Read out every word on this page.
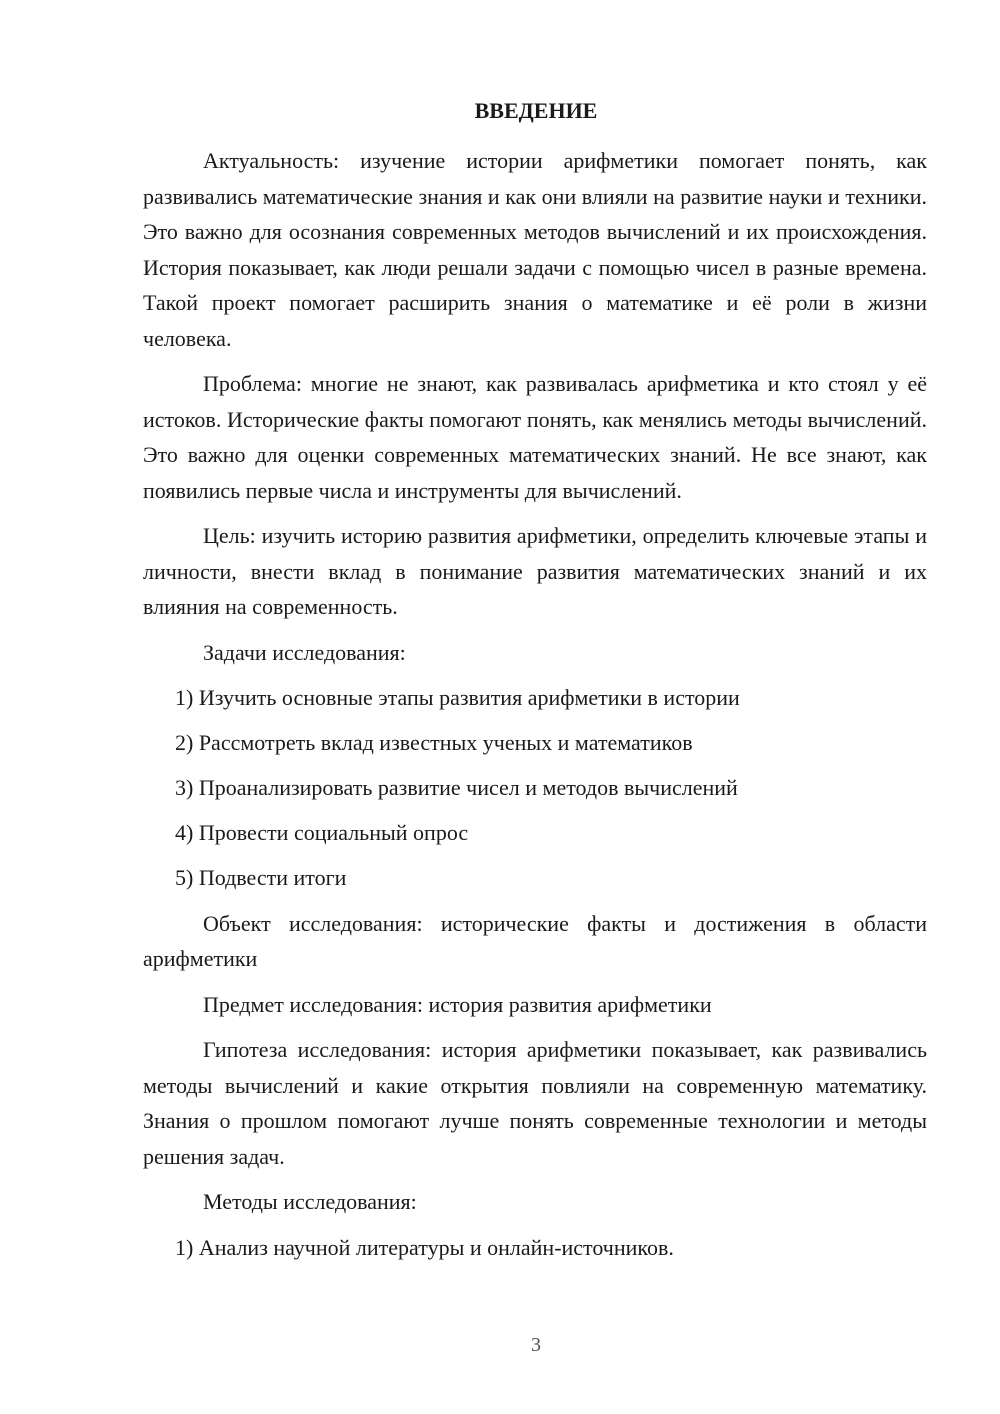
ВВЕДЕНИЕ

Актуальность: изучение истории арифметики помогает понять, как развивались математические знания и как они влияли на развитие науки и техники. Это важно для осознания современных методов вычислений и их происхождения. История показывает, как люди решали задачи с помощью чисел в разные времена. Такой проект помогает расширить знания о математике и её роли в жизни человека.

Проблема: многие не знают, как развивалась арифметика и кто стоял у её истоков. Исторические факты помогают понять, как менялись методы вычислений. Это важно для оценки современных математических знаний. Не все знают, как появились первые числа и инструменты для вычислений.

Цель: изучить историю развития арифметики, определить ключевые этапы и личности, внести вклад в понимание развития математических знаний и их влияния на современность.

Задачи исследования:

1) Изучить основные этапы развития арифметики в истории
2) Рассмотреть вклад известных ученых и математиков
3) Проанализировать развитие чисел и методов вычислений
4) Провести социальный опрос
5) Подвести итоги

Объект исследования: исторические факты и достижения в области арифметики

Предмет исследования: история развития арифметики

Гипотеза исследования: история арифметики показывает, как развивались методы вычислений и какие открытия повлияли на современную математику. Знания о прошлом помогают лучше понять современные технологии и методы решения задач.

Методы исследования:

1) Анализ научной литературы и онлайн-источников.
3
